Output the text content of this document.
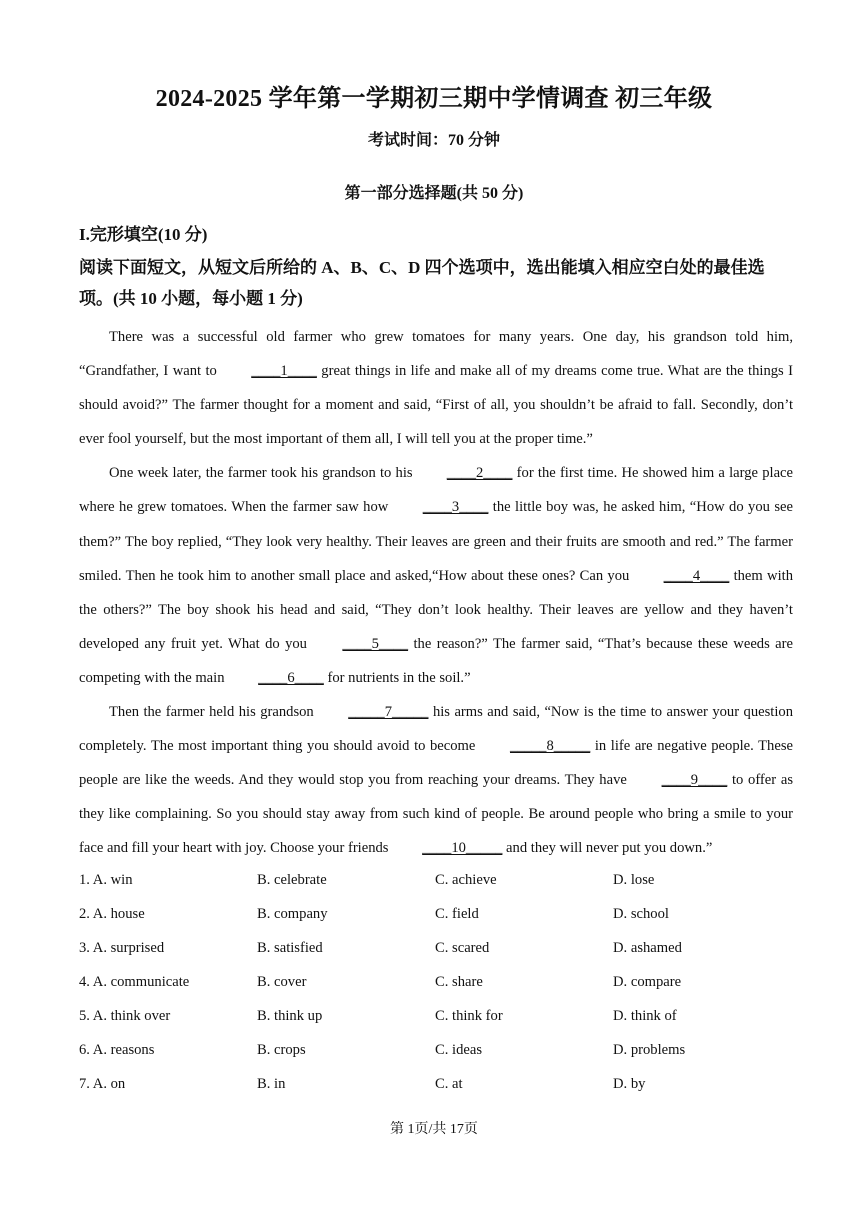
2024-2025 学年第一学期初三期中学情调查 初三年级
考试时间：70 分钟
第一部分选择题(共 50 分)
I.完形填空(10 分)
阅读下面短文，从短文后所给的 A、B、C、D 四个选项中，选出能填入相应空白处的最佳选项。(共 10 小题，每小题 1 分)

There was a successful old farmer who grew tomatoes for many years. One day, his grandson told him, “Grandfather, I want to ____1____ great things in life and make all of my dreams come true. What are the things I should avoid?” The farmer thought for a moment and said, “First of all, you shouldn’t be afraid to fall. Secondly, don’t ever fool yourself, but the most important of them all, I will tell you at the proper time.”

One week later, the farmer took his grandson to his ____2____ for the first time. He showed him a large place where he grew tomatoes. When the farmer saw how ____3____ the little boy was, he asked him, “How do you see them?” The boy replied, “They look very healthy. Their leaves are green and their fruits are smooth and red.” The farmer smiled. Then he took him to another small place and asked,“How about these ones? Can you ____4____ them with the others?” The boy shook his head and said, “They don’t look healthy. Their leaves are yellow and they haven’t developed any fruit yet. What do you ____5____ the reason?” The farmer said, “That’s because these weeds are competing with the main ____6____ for nutrients in the soil.”

Then the farmer held his grandson _____7_____ his arms and said, “Now is the time to answer your question completely. The most important thing you should avoid to become _____8_____ in life are negative people. These people are like the weeds. And they would stop you from reaching your dreams. They have ____9____ to offer as they like complaining. So you should stay away from such kind of people. Be around people who bring a smile to your face and fill your heart with joy. Choose your friends ____10_____ and they will never put you down.”

1. A. win	B. celebrate	C. achieve	D. lose
2. A. house	B. company	C. field	D. school
3. A. surprised	B. satisfied	C. scared	D. ashamed
4. A. communicate	B. cover	C. share	D. compare
5. A. think over	B. think up	C. think for	D. think of
6. A. reasons	B. crops	C. ideas	D. problems
7. A. on	B. in	C. at	D. by
第 1页/共 17页
